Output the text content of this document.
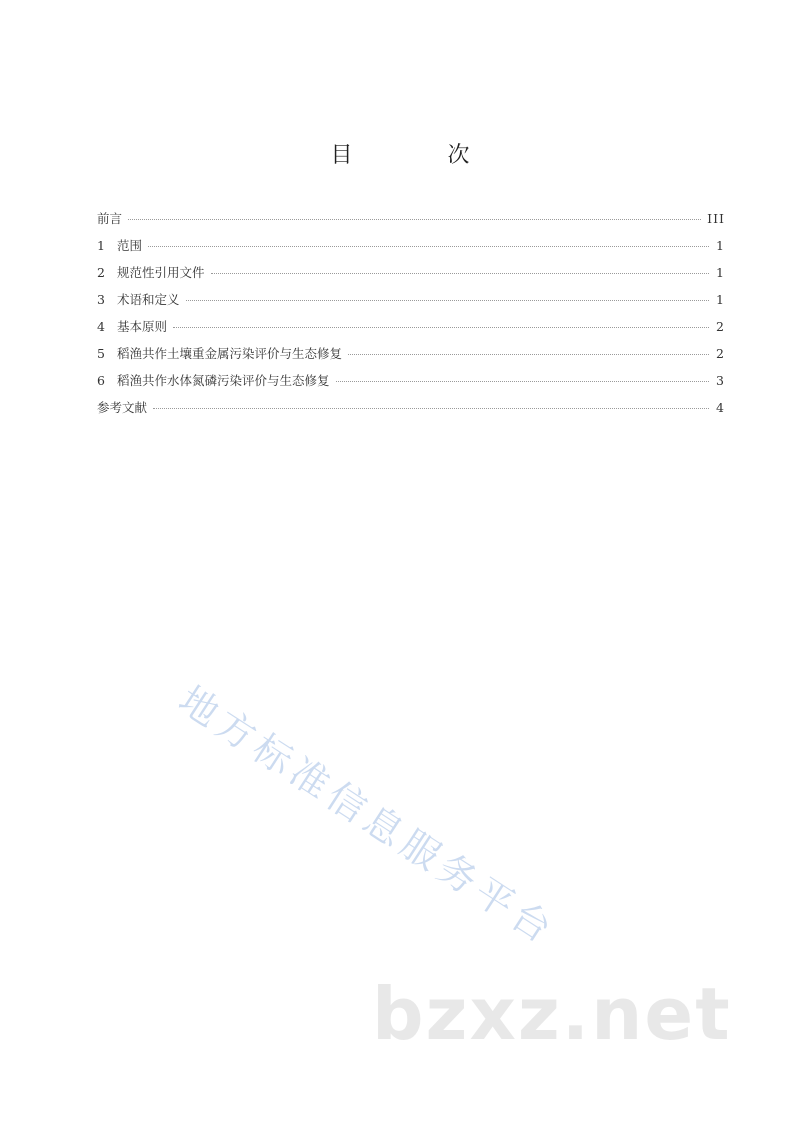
目 次
前言	III
1 范围	1
2 规范性引用文件	1
3 术语和定义	1
4 基本原则	2
5 稻渔共作土壤重金属污染评价与生态修复	2
6 稻渔共作水体氮磷污染评价与生态修复	3
参考文献	4
地方标准信息服务平台
bzxz.net
